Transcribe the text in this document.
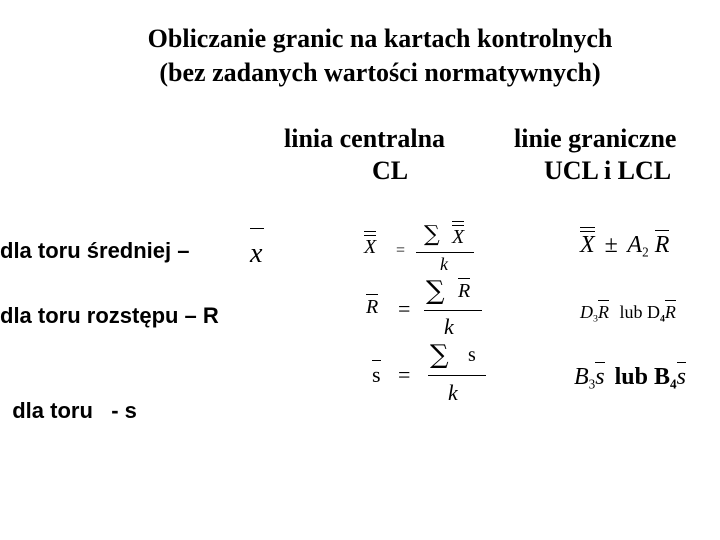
Obliczanie granic na kartach kontrolnych
(bez zadanych wartości normatywnych)
linia centralna
CL
linie graniczne
UCL i LCL
dla toru średniej – x
dla toru rozstępu – R

dla toru   - s

X =
∑ X
k
R =
∑ R
k
s =
∑ s
k
$X \pm A_2$ R
$D_3R$ lub $D_4R$
$B_3s$ lub $B_4s$
